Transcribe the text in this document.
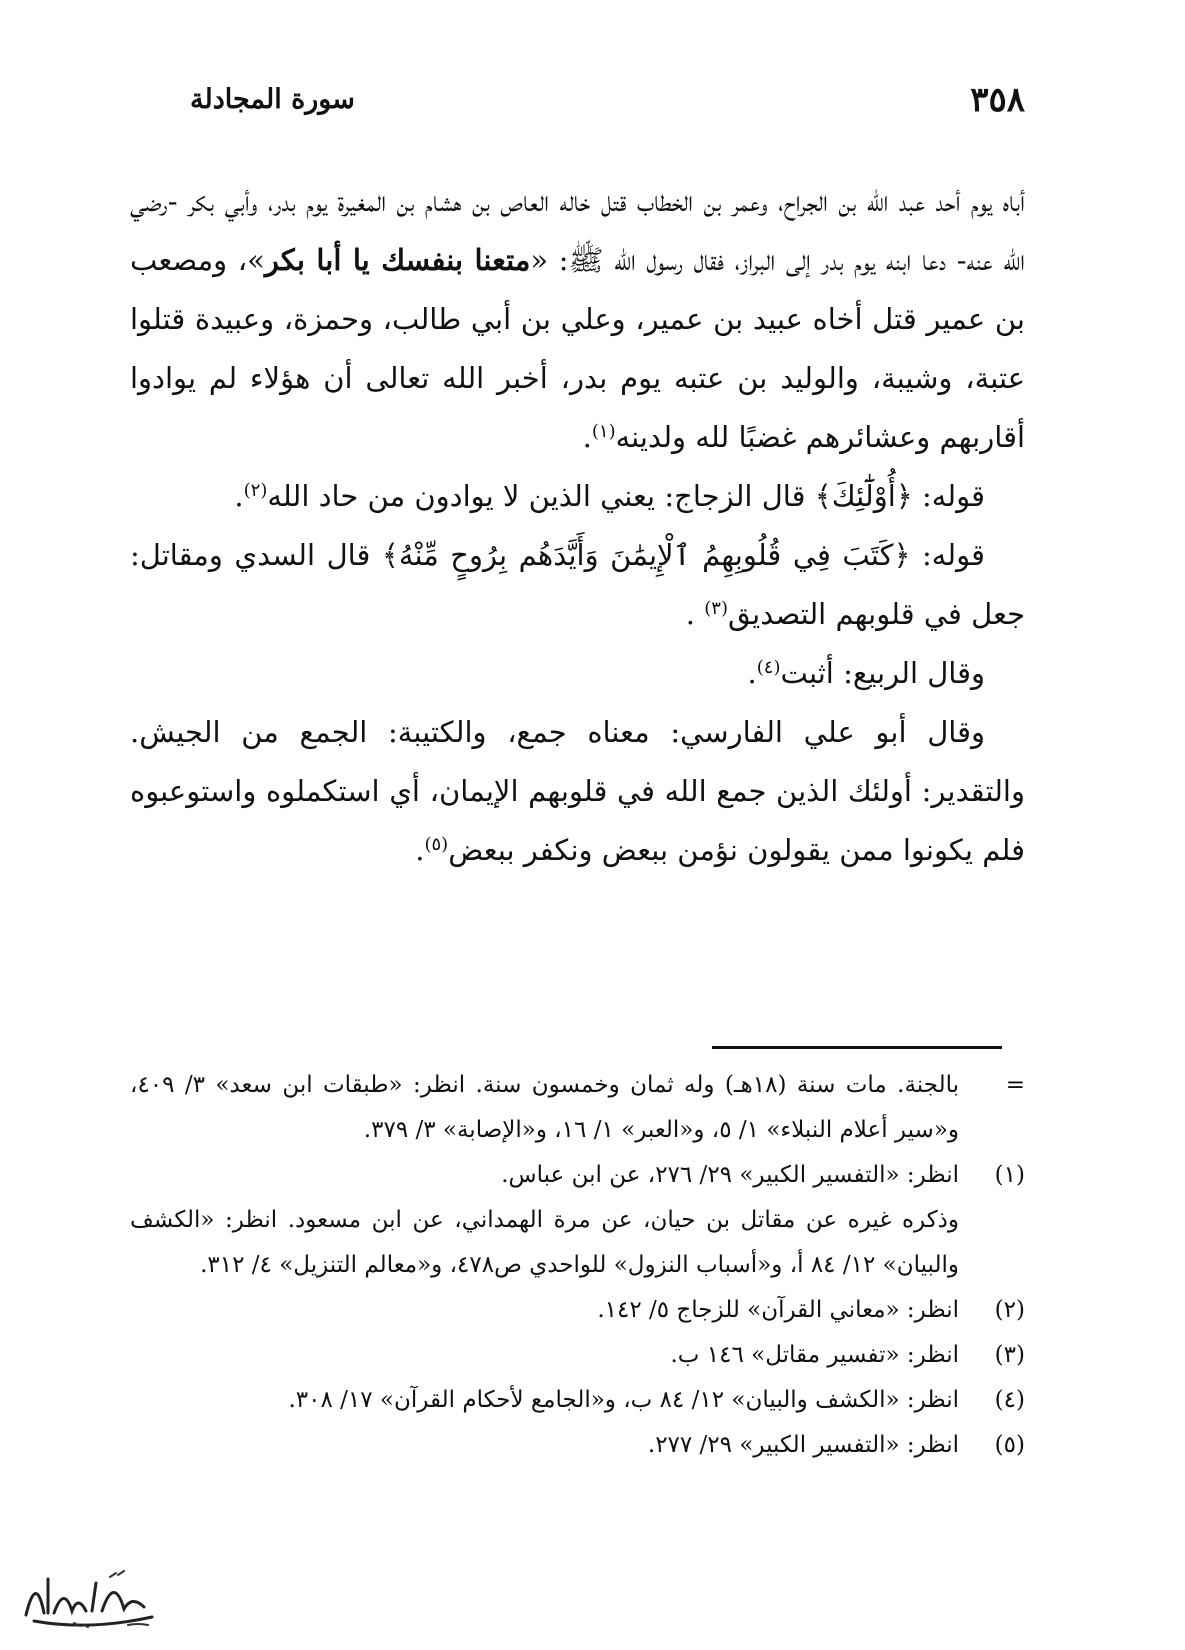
٣٥٨
سورة المجادلة

أباه يوم أحد عبد الله بن الجراح، وعمر بن الخطاب قتل خاله العاص بن هشام بن المغيرة يوم بدر، وأبي بكر -رضي الله عنه- دعا ابنه يوم بدر إلى البراز، فقال رسول الله ﷺ: «متعنا بنفسك يا أبا بكر»، ومصعب بن عمير قتل أخاه عبيد بن عمير، وعلي بن أبي طالب، وحمزة، وعبيدة قتلوا عتبة، وشيبة، والوليد بن عتبه يوم بدر، أخبر الله تعالى أن هؤلاء لم يوادوا أقاربهم وعشائرهم غضبًا لله ولدينه$^{(١)}$.

قوله: ﴿أُوْلَٰٓئِكَ﴾ قال الزجاج: يعني الذين لا يوادون من حاد الله$^{(٢)}$.

قوله: ﴿كَتَبَ فِي قُلُوبِهِمُ ٱلْإِيمَٰنَ وَأَيَّدَهُم بِرُوحٍ مِّنْهُ﴾ قال السدي ومقاتل: جعل في قلوبهم التصديق$^{(٣)}$ .

وقال الربيع: أثبت$^{(٤)}$.

وقال أبو علي الفارسي: معناه جمع، والكتيبة: الجمع من الجيش. والتقدير: أولئك الذين جمع الله في قلوبهم الإيمان، أي استكملوه واستوعبوه فلم يكونوا ممن يقولون نؤمن ببعض ونكفر ببعض$^{(٥)}$.

=
بالجنة. مات سنة (١٨هـ) وله ثمان وخمسون سنة. انظر: «طبقات ابن سعد» ٣/ ٤٠٩، و«سير أعلام النبلاء» ١/ ٥، و«العبر» ١/ ١٦، و«الإصابة» ٣/ ٣٧٩.
(١)
انظر: «التفسير الكبير» ٢٩/ ٢٧٦، عن ابن عباس.
وذكره غيره عن مقاتل بن حيان، عن مرة الهمداني، عن ابن مسعود. انظر: «الكشف والبيان» ١٢/ ٨٤ أ، و«أسباب النزول» للواحدي ص٤٧٨، و«معالم التنزيل» ٤/ ٣١٢.
(٢)
انظر: «معاني القرآن» للزجاج ٥/ ١٤٢.
(٣)
انظر: «تفسير مقاتل» ١٤٦ ب.
(٤)
انظر: «الكشف والبيان» ١٢/ ٨٤ ب، و«الجامع لأحكام القرآن» ١٧/ ٣٠٨.
(٥)
انظر: «التفسير الكبير» ٢٩/ ٢٧٧.
